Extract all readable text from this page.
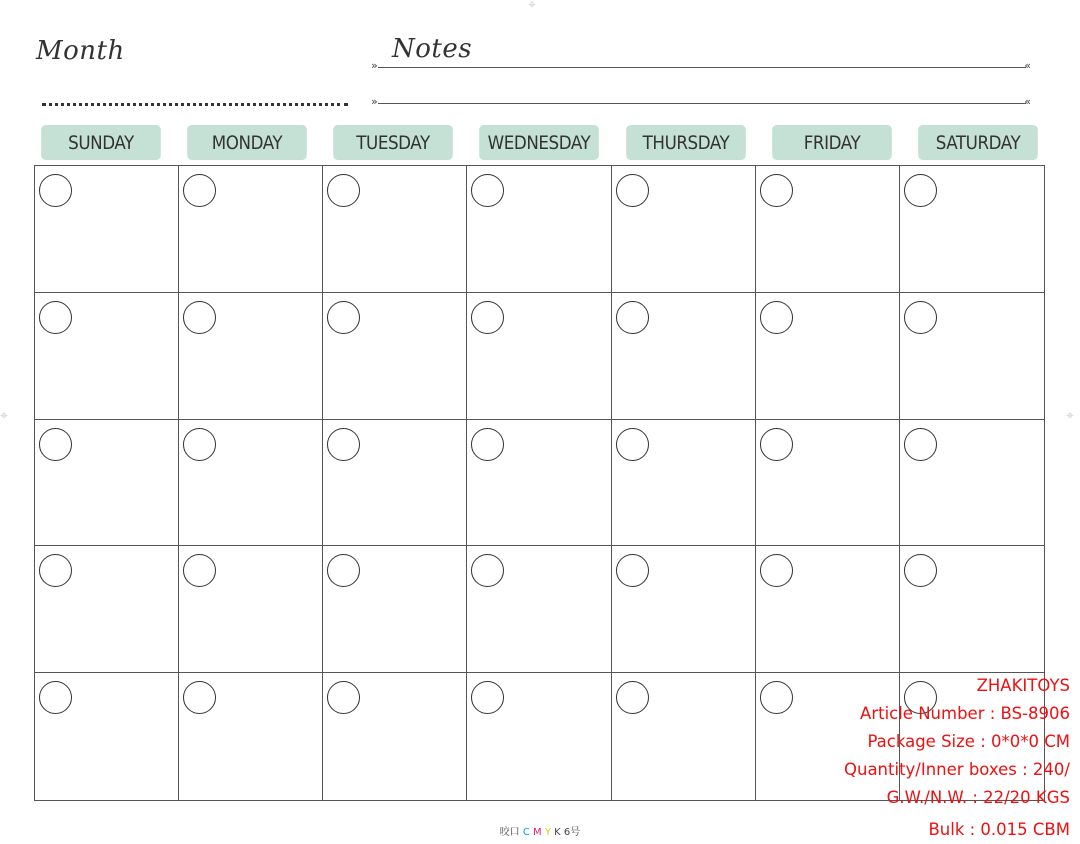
⌖
⌖	⌖
Month	Notes
»	«
»	«
SUNDAY	MONDAY	TUESDAY	WEDNESDAY	THURSDAY	FRIDAY	SATURDAY
咬口 C M Y K 6号
ZHAKITOYS
Article Number : BS-8906
Package Size : 0*0*0 CM
Quantity/Inner boxes : 240/
G.W./N.W. : 22/20 KGS
Bulk : 0.015 CBM
